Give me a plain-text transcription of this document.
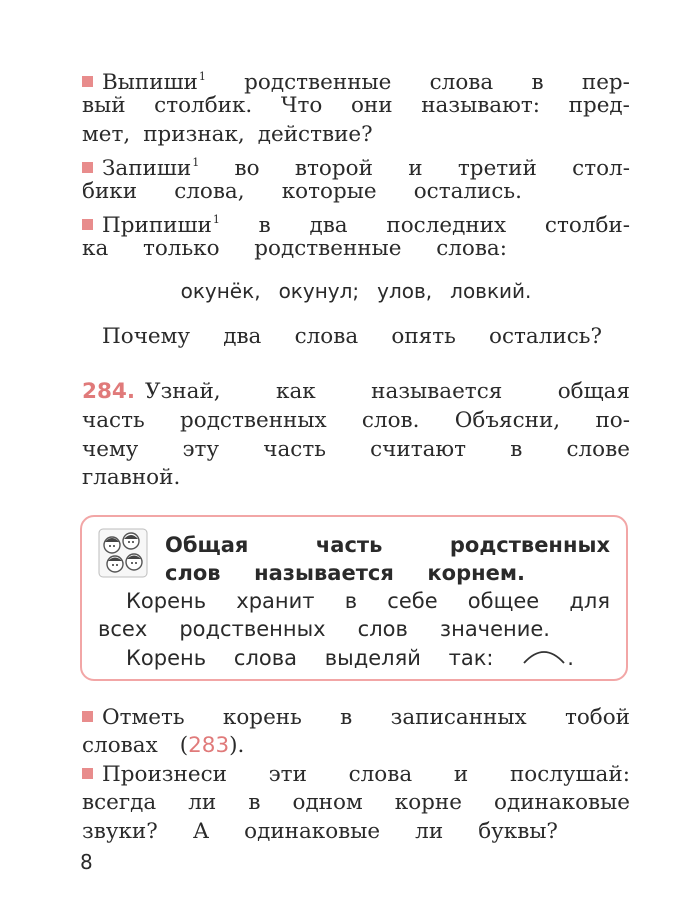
Выпиши$^1$ родственные слова в пер-
вый столбик. Что они называют: пред-
мет, признак, действие?
Запиши$^1$ во второй и третий стол-
бики слова, которые остались.
Припиши$^1$ в два последних столби-
ка только родственные слова:
окунёк, окунул; улов, ловкий.
Почему два слова опять остались?
284. Узнай,	как	называется	общая
часть родственных слов. Объясни, по-
чему эту часть считают в слове
главной.
Общая	часть	родственных
слов называется корнем.
Корень хранит в себе общее для
всех родственных слов значение.
Корень слова выделяй так:	.
Отметь корень в записанных тобой
словах (283).
Произнеси эти слова и послушай:
всегда ли в одном корне одинаковые
звуки? А одинаковые ли буквы?
8
